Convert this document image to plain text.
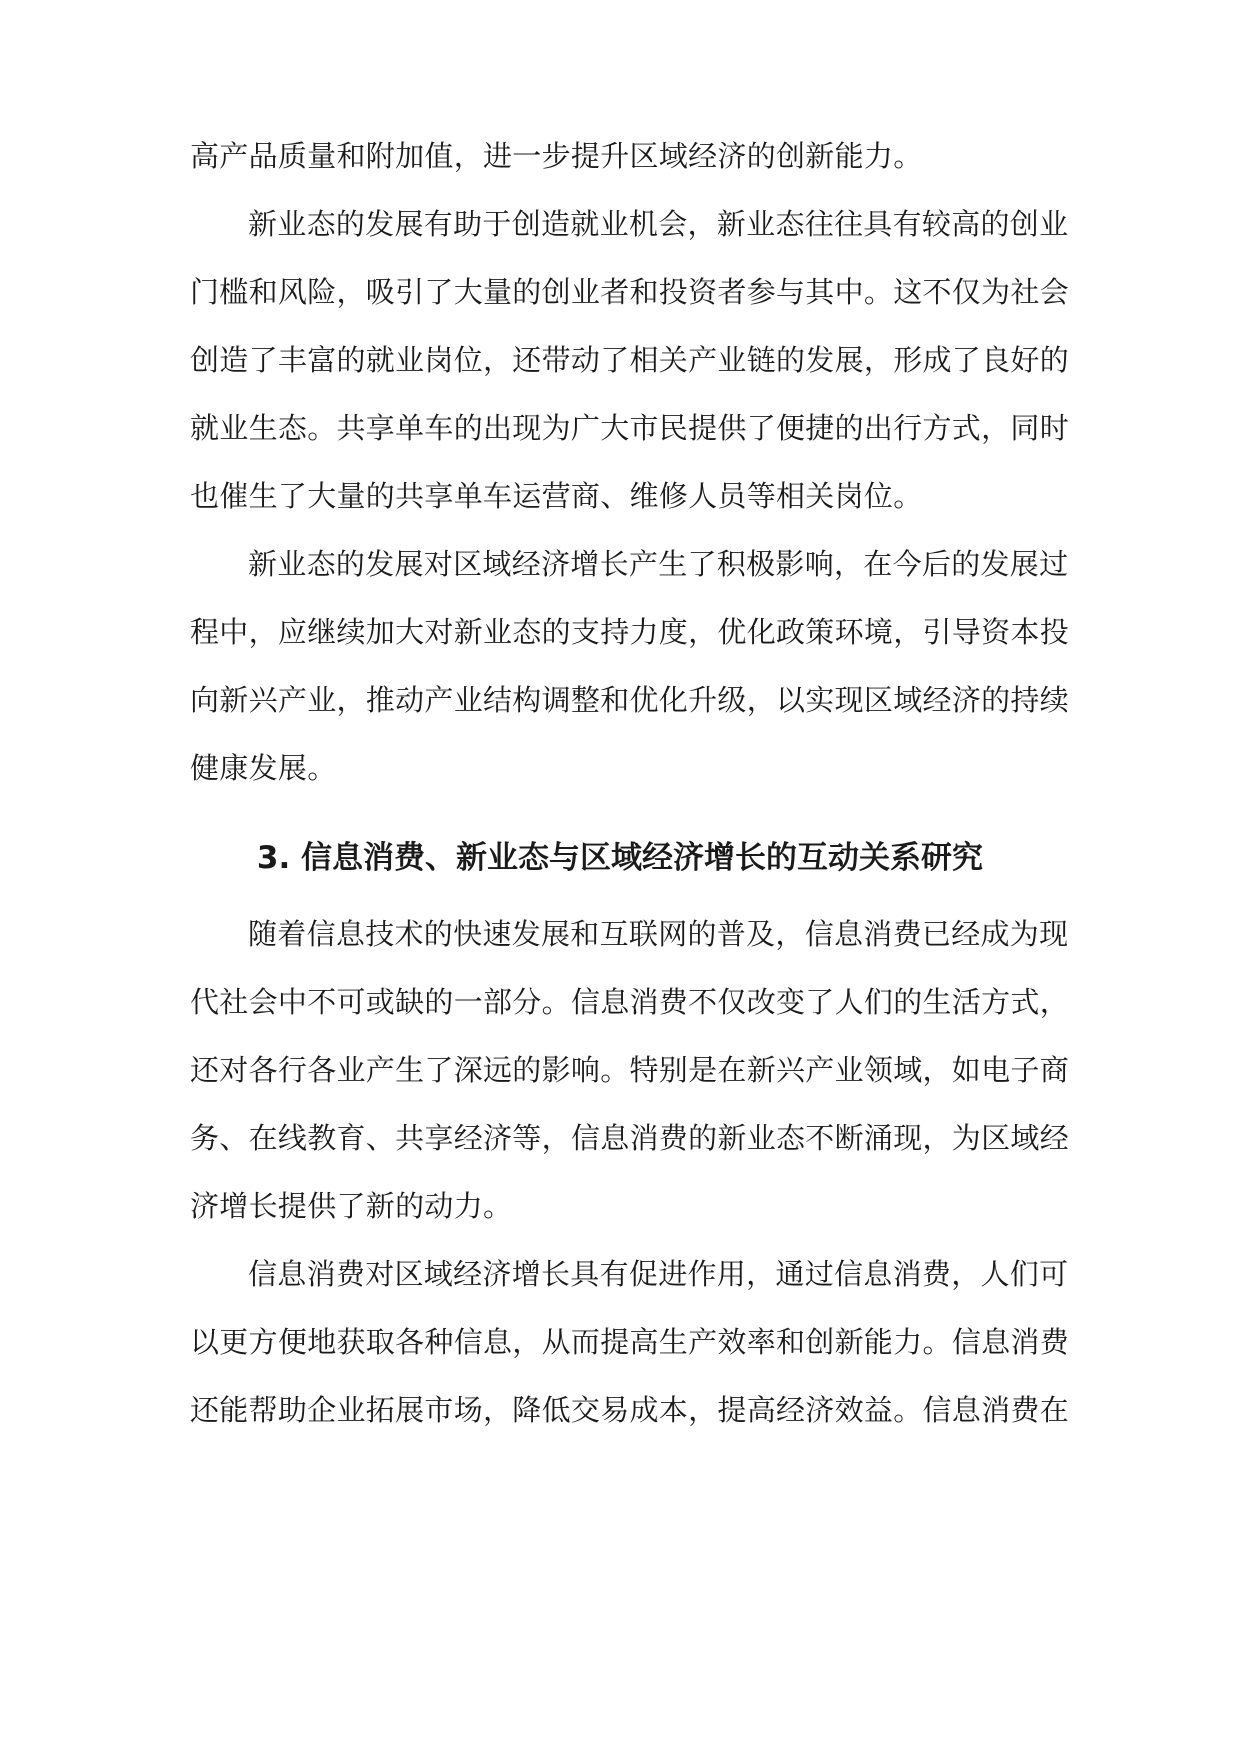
高产品质量和附加值，进一步提升区域经济的创新能力。
新业态的发展有助于创造就业机会，新业态往往具有较高的创业
门槛和风险，吸引了大量的创业者和投资者参与其中。这不仅为社会
创造了丰富的就业岗位，还带动了相关产业链的发展，形成了良好的
就业生态。共享单车的出现为广大市民提供了便捷的出行方式，同时
也催生了大量的共享单车运营商、维修人员等相关岗位。
新业态的发展对区域经济增长产生了积极影响，在今后的发展过
程中，应继续加大对新业态的支持力度，优化政策环境，引导资本投
向新兴产业，推动产业结构调整和优化升级，以实现区域经济的持续
健康发展。
3. 信息消费、新业态与区域经济增长的互动关系研究
随着信息技术的快速发展和互联网的普及，信息消费已经成为现
代社会中不可或缺的一部分。信息消费不仅改变了人们的生活方式，
还对各行各业产生了深远的影响。特别是在新兴产业领域，如电子商
务、在线教育、共享经济等，信息消费的新业态不断涌现，为区域经
济增长提供了新的动力。
信息消费对区域经济增长具有促进作用，通过信息消费，人们可
以更方便地获取各种信息，从而提高生产效率和创新能力。信息消费
还能帮助企业拓展市场，降低交易成本，提高经济效益。信息消费在
